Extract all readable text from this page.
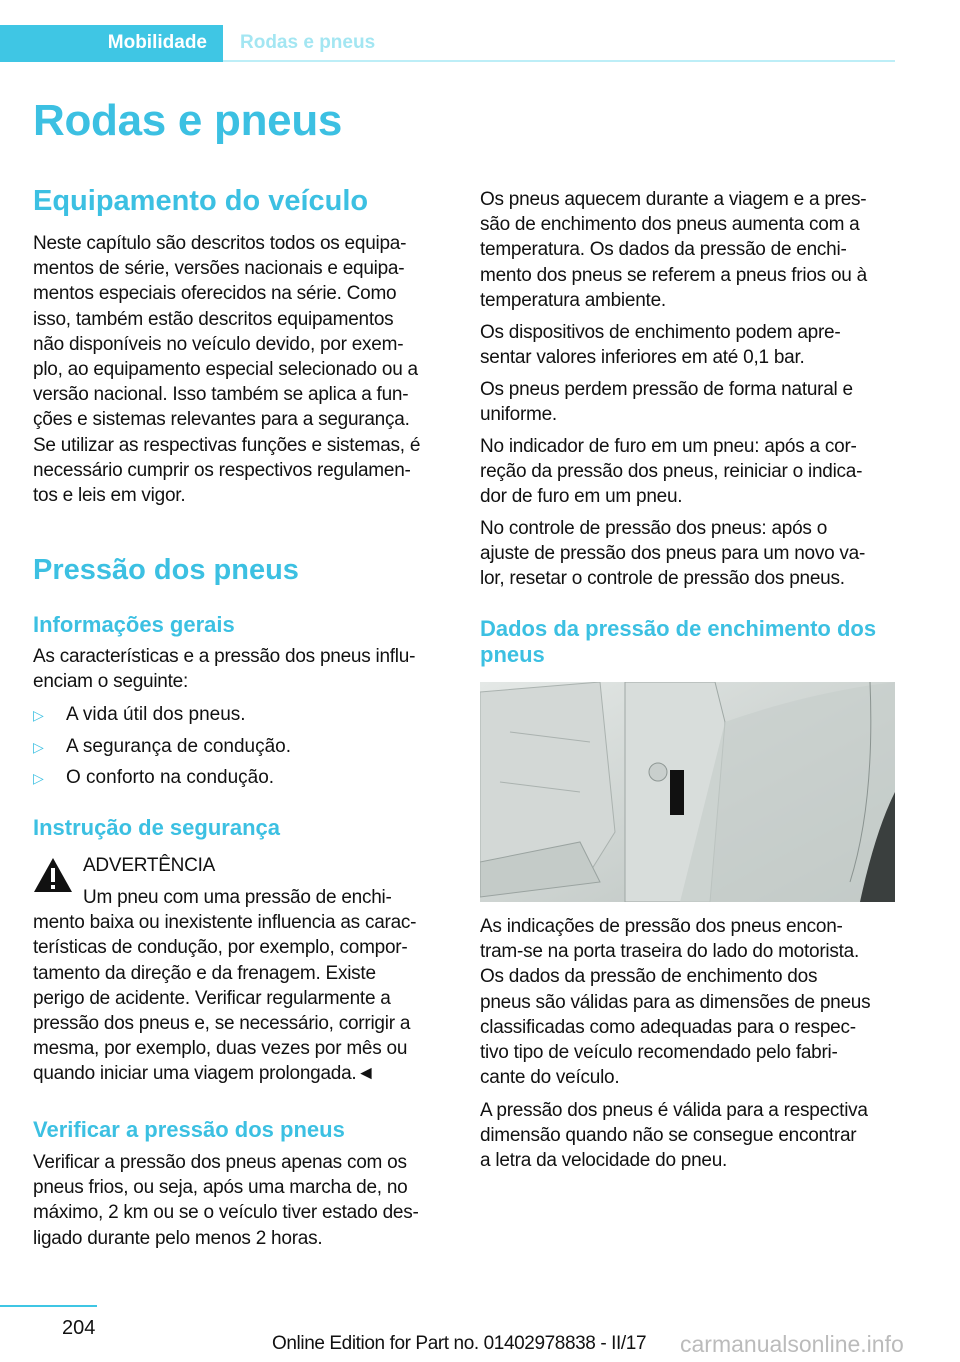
Mobilidade Rodas e pneus
Rodas e pneus
Equipamento do veículo
Neste capítulo são descritos todos os equipa-
mentos de série, versões nacionais e equipa-
mentos especiais oferecidos na série. Como
isso, também estão descritos equipamentos
não disponíveis no veículo devido, por exem-
plo, ao equipamento especial selecionado ou a
versão nacional. Isso também se aplica a fun-
ções e sistemas relevantes para a segurança.
Se utilizar as respectivas funções e sistemas, é
necessário cumprir os respectivos regulamen-
tos e leis em vigor.
Pressão dos pneus
Informações gerais
As características e a pressão dos pneus influ-
enciam o seguinte:
▷ A vida útil dos pneus.
▷ A segurança de condução.
▷ O conforto na condução.
Instrução de segurança
ADVERTÊNCIA
Um pneu com uma pressão de enchi-
mento baixa ou inexistente influencia as carac-
terísticas de condução, por exemplo, compor-
tamento da direção e da frenagem. Existe
perigo de acidente. Verificar regularmente a
pressão dos pneus e, se necessário, corrigir a
mesma, por exemplo, duas vezes por mês ou
quando iniciar uma viagem prolongada.◄
Verificar a pressão dos pneus
Verificar a pressão dos pneus apenas com os
pneus frios, ou seja, após uma marcha de, no
máximo, 2 km ou se o veículo tiver estado des-
ligado durante pelo menos 2 horas.
Os pneus aquecem durante a viagem e a pres-
são de enchimento dos pneus aumenta com a
temperatura. Os dados da pressão de enchi-
mento dos pneus se referem a pneus frios ou à
temperatura ambiente.
Os dispositivos de enchimento podem apre-
sentar valores inferiores em até 0,1 bar.
Os pneus perdem pressão de forma natural e
uniforme.
No indicador de furo em um pneu: após a cor-
reção da pressão dos pneus, reiniciar o indica-
dor de furo em um pneu.
No controle de pressão dos pneus: após o
ajuste de pressão dos pneus para um novo va-
lor, resetar o controle de pressão dos pneus.
Dados da pressão de enchimento dos
pneus
As indicações de pressão dos pneus encon-
tram-se na porta traseira do lado do motorista.
Os dados da pressão de enchimento dos
pneus são válidas para as dimensões de pneus
classificadas como adequadas para o respec-
tivo tipo de veículo recomendado pelo fabri-
cante do veículo.
A pressão dos pneus é válida para a respectiva
dimensão quando não se consegue encontrar
a letra da velocidade do pneu.
204
Online Edition for Part no. 01402978838 - II/17 carmanualsonline.info
